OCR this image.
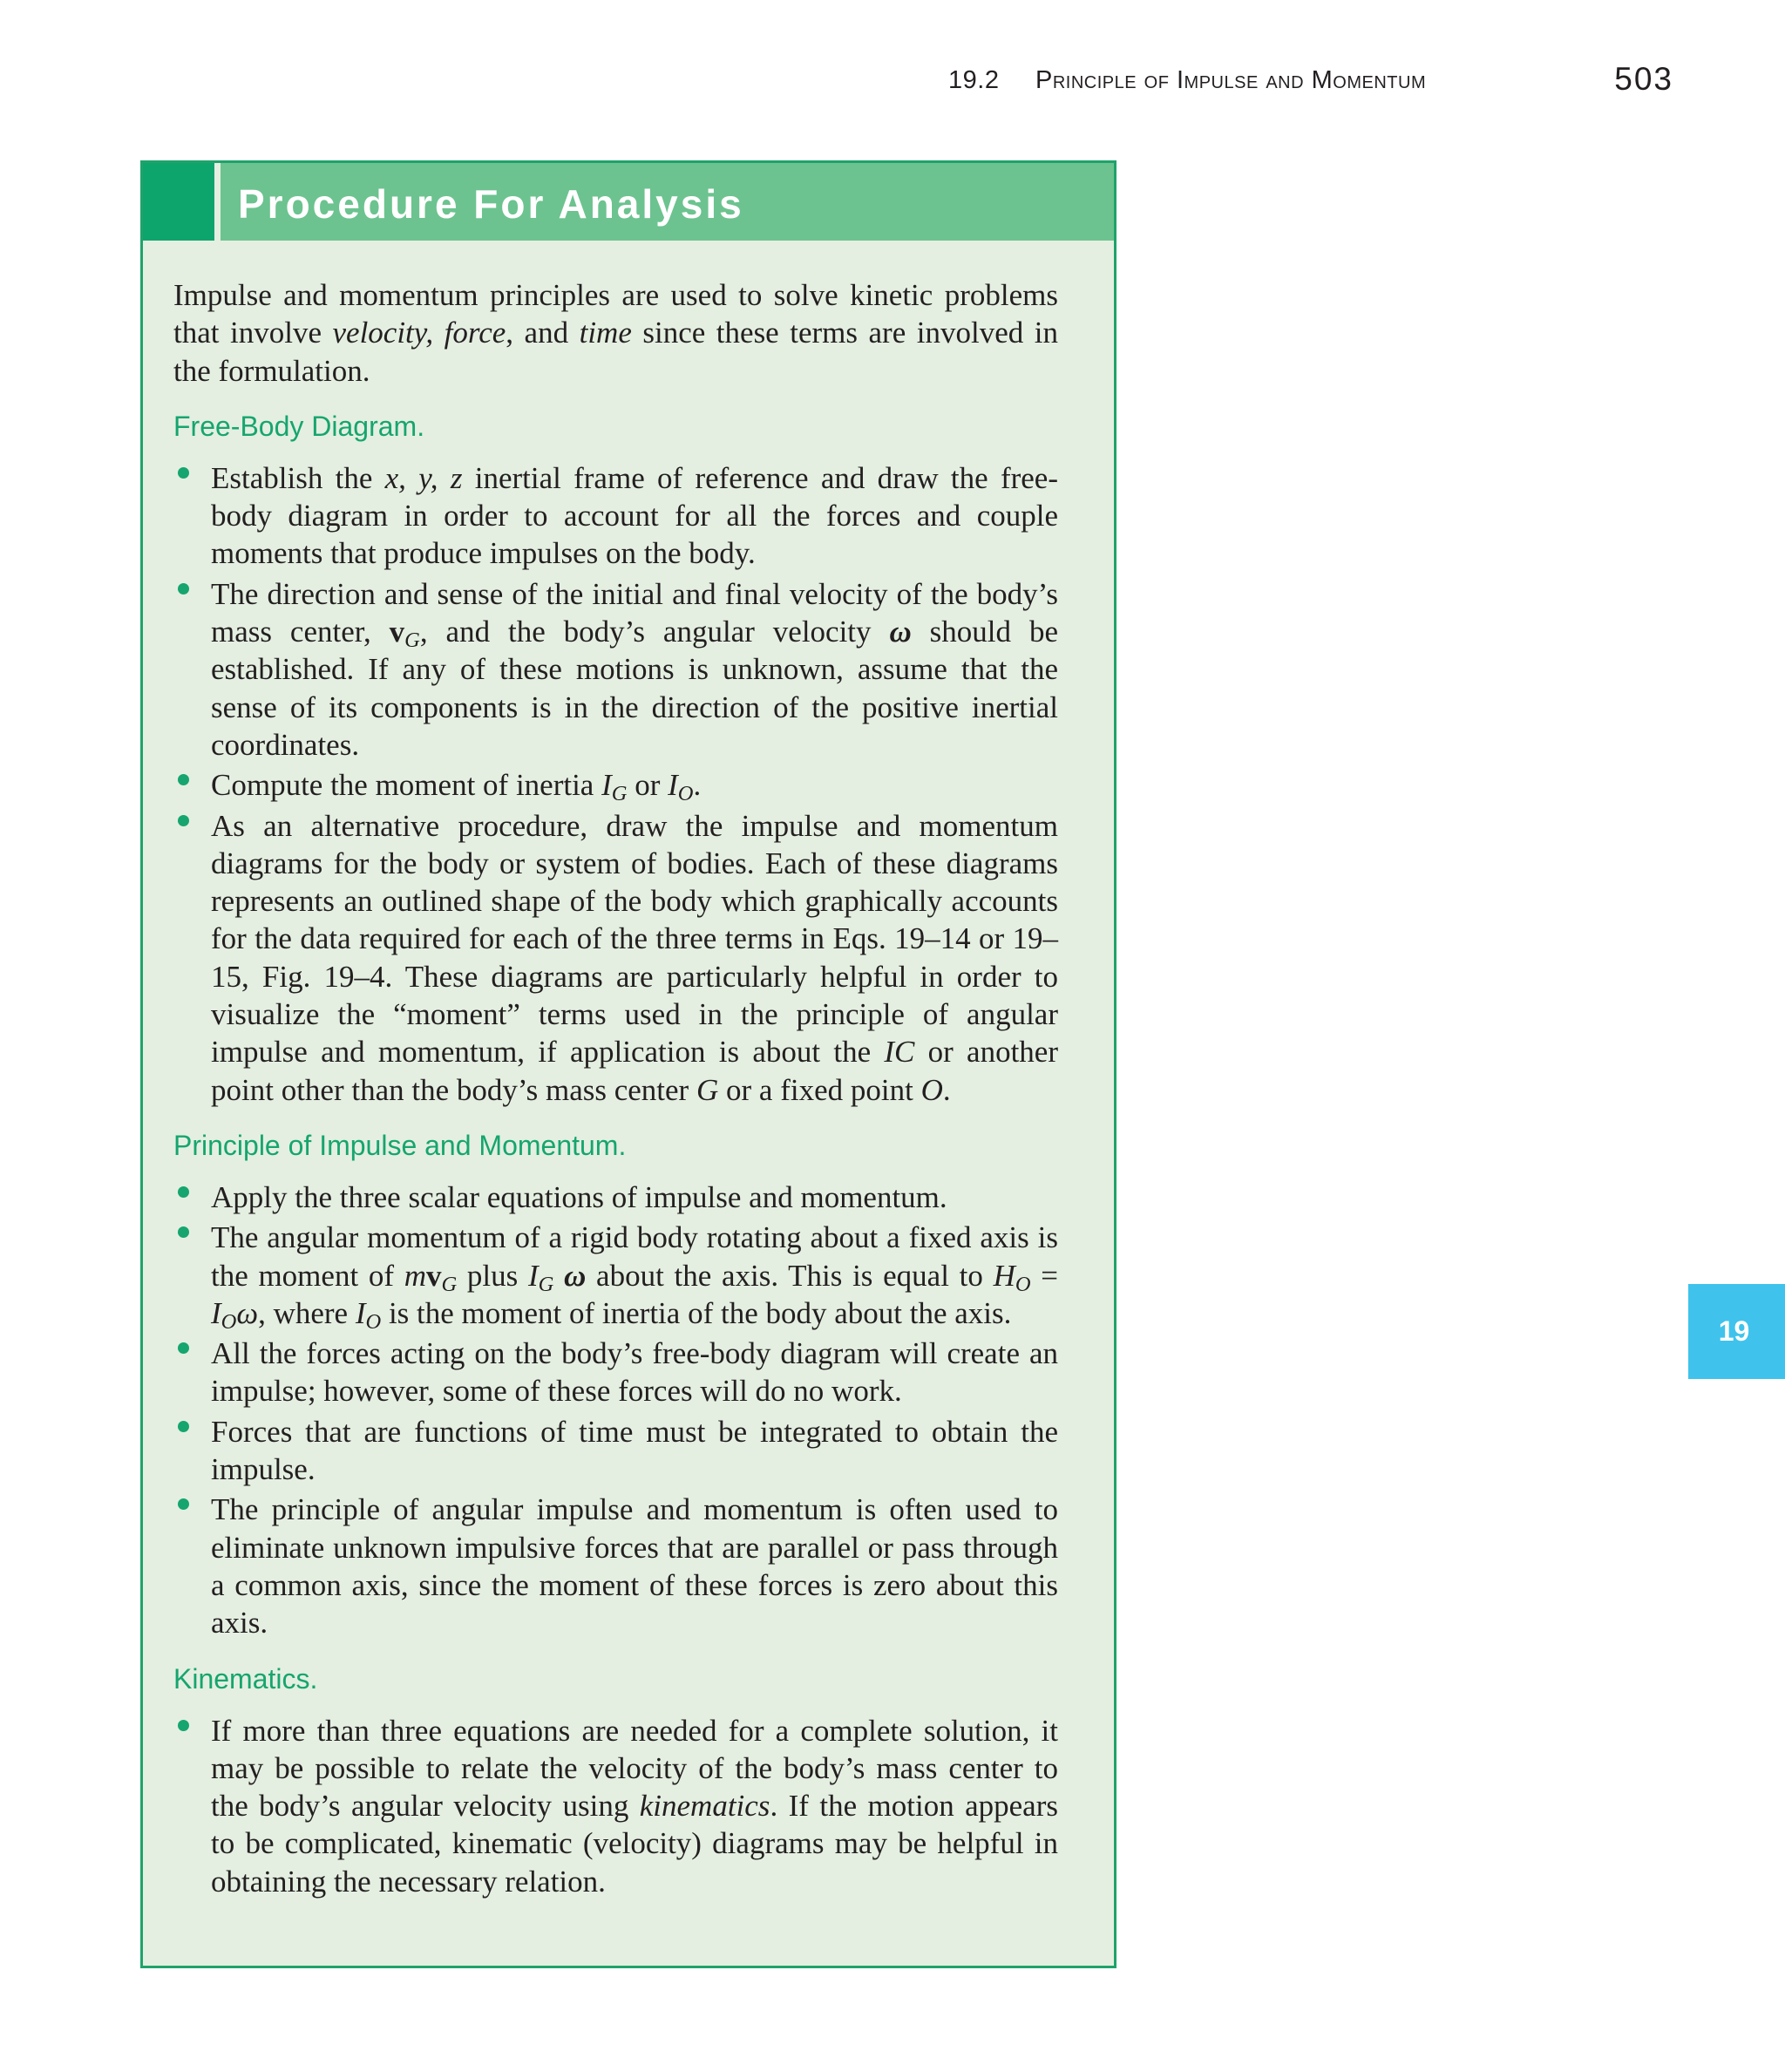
19.2 Principle of Impulse and Momentum	503
Procedure For Analysis

Impulse and momentum principles are used to solve kinetic problems that involve velocity, force, and time since these terms are involved in the formulation.

Free-Body Diagram.

Establish the x, y, z inertial frame of reference and draw the free-body diagram in order to account for all the forces and couple moments that produce impulses on the body.

The direction and sense of the initial and final velocity of the body’s mass center, $v_G$, and the body’s angular velocity ω should be established. If any of these motions is unknown, assume that the sense of its components is in the direction of the positive inertial coordinates.

Compute the moment of inertia $I_G$ or $I_O$.

As an alternative procedure, draw the impulse and momentum diagrams for the body or system of bodies. Each of these diagrams represents an outlined shape of the body which graphically accounts for the data required for each of the three terms in Eqs. 19–14 or 19–15, Fig. 19–4. These diagrams are particularly helpful in order to visualize the “moment” terms used in the principle of angular impulse and momentum, if application is about the IC or another point other than the body’s mass center G or a fixed point O.

Principle of Impulse and Momentum.

Apply the three scalar equations of impulse and momentum.

The angular momentum of a rigid body rotating about a fixed axis is the moment of $mv_G$ plus $I_G$ ω about the axis. This is equal to $H_O = I_O\omega$, where $I_O$ is the moment of inertia of the body about the axis.

All the forces acting on the body’s free-body diagram will create an impulse; however, some of these forces will do no work.

Forces that are functions of time must be integrated to obtain the impulse.

The principle of angular impulse and momentum is often used to eliminate unknown impulsive forces that are parallel or pass through a common axis, since the moment of these forces is zero about this axis.

Kinematics.

If more than three equations are needed for a complete solution, it may be possible to relate the velocity of the body’s mass center to the body’s angular velocity using kinematics. If the motion appears to be complicated, kinematic (velocity) diagrams may be helpful in obtaining the necessary relation.

19
